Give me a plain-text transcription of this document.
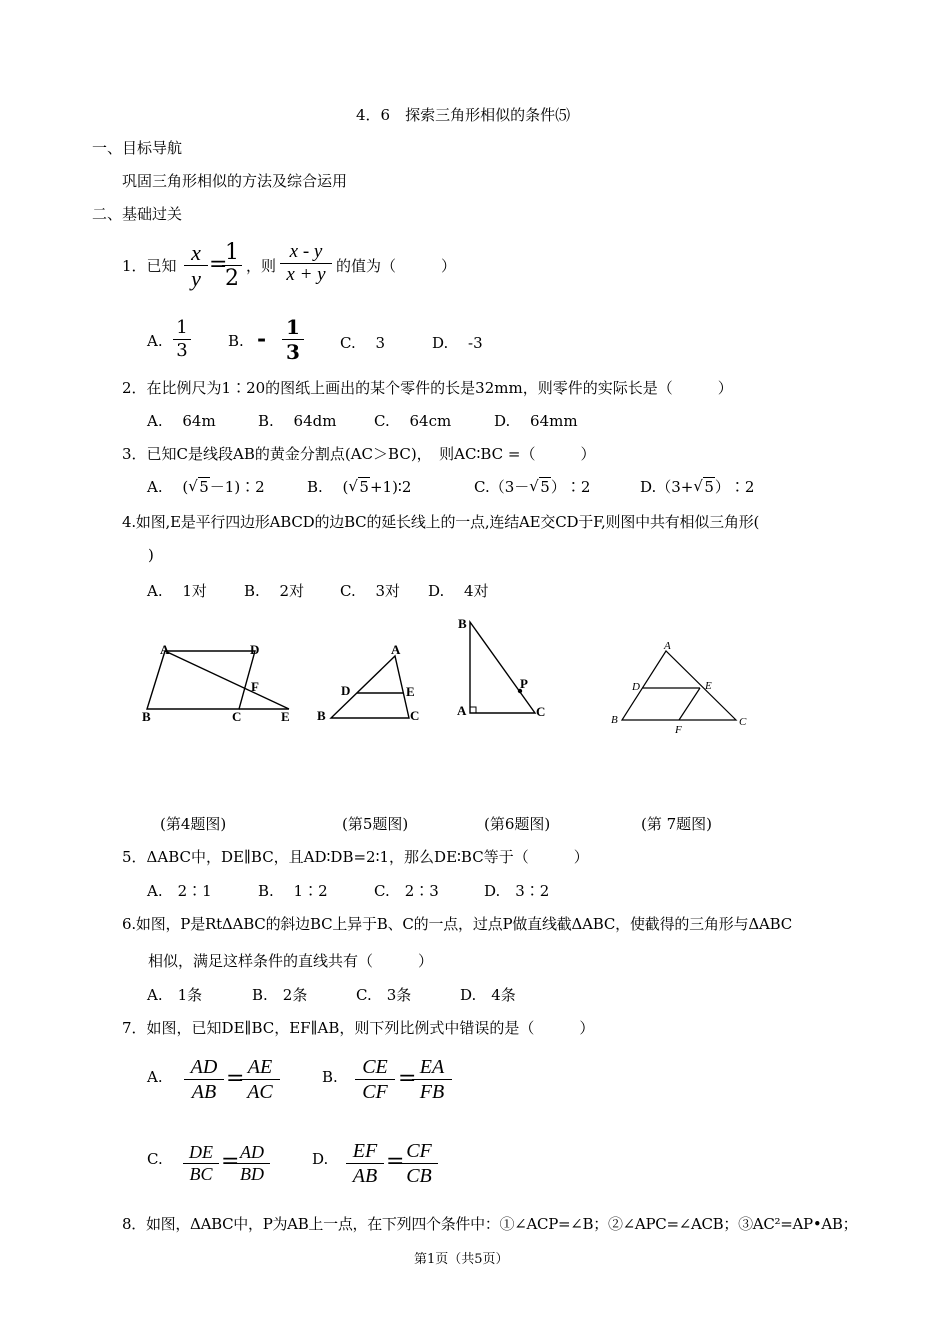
4．6　探索三角形相似的条件⑸
一、目标导航
巩固三角形相似的方法及综合运用
二、基础过关
1．已知 $\frac{x}{y}$ =
$\frac{1}{2}$ ，则 $\frac{x - y}{x + y}$ 的值为（　　　）
A. $\frac{1}{3} B$. - $\frac{1}{3} C$.　 3	D.　 -3
2．在比例尺为1∶20的图纸上画出的某个零件的长是32mm，则零件的实际长是（　　　）
A.　 64m	B.　 64dm	C.　 64cm	D.　 64mm
3．已知C是线段AB的黄金分割点(AC＞BC)，　则AC∶BC =（　　　）
A.　 ( √ 5－1)∶2	B.　 ( √ 5+1)∶2	C.（3－ √ 5）∶2	D.（3+ √ 5）∶2
4.如图,E是平行四边形ABCD的边BC的延长线上的一点,连结AE交CD于F,则图中共有相似三角形(
)
A.　 1对 B.　 2对 C.　 3对 D.　 4对
A	D
F
B	C	E
A
D	E
B	C
B
P
A	C
A
D	E
B
F
C
(第4题图)	(第5题图)	(第6题图)	(第 7题图)
5．ΔABC中，DE∥BC，且AD∶DB=2∶1，那么DE∶BC等于（　　　）
A.　2∶1	B.　 1∶2	C.　2∶3	D.　3∶2
6.如图，P是RtΔABC的斜边BC上异于B、C的一点，过点P做直线截ΔABC，使截得的三角形与ΔABC
相似，满足这样条件的直线共有（　　　）
A.　1条	B.　2条	C.　3条	D.　4条
7．如图，已知DE∥BC，EF∥AB，则下列比例式中错误的是（　　　）
A. $\frac{AD}{AB}$ =
$\frac{AE}{AC}$	B. $\frac{CE}{CF}$ =
$\frac{EA}{FB}$
C. $\frac{DE}{BC}$ =
$\frac{AD}{BD}$	D. $\frac{EF}{AB}$ =
$\frac{CF}{CB}$
8．如图，ΔABC中，P为AB上一点，在下列四个条件中：①∠ACP=∠B；②∠APC=∠ACB；③AC²=AP•AB；
第1页（共5页）
